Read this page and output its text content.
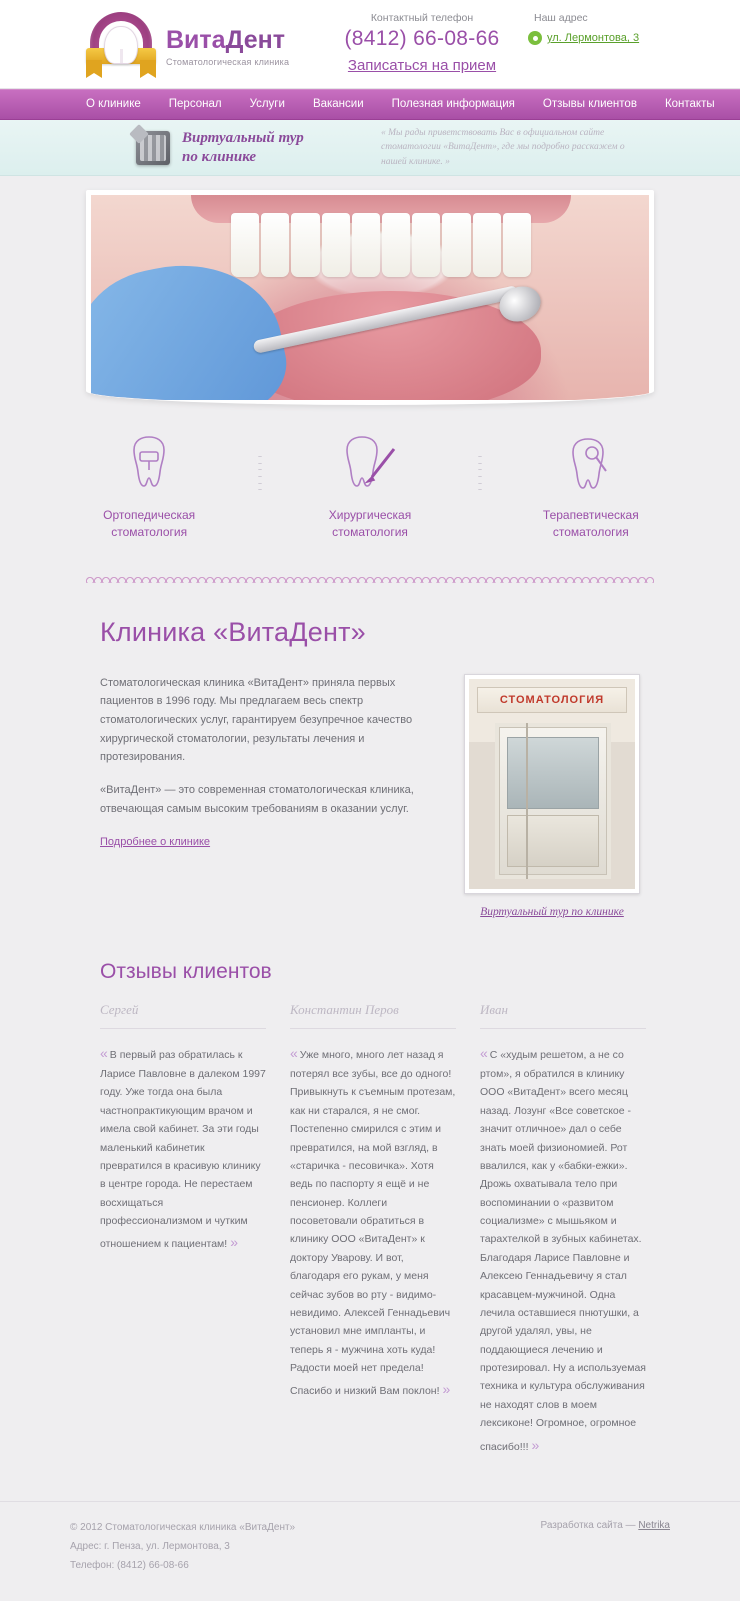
ВитаДент
Стоматологическая клиника
Контактный телефон
(8412) 66-08-66
Записаться на прием
Наш адрес
ул. Лермонтова, 3
О клинике	Персонал	Услуги	Вакансии	Полезная информация	Отзывы клиентов	Контакты
Виртуальный тур
по клинике
« Мы рады приветствовать Вас в официальном сайте стоматологии «ВитаДент», где мы подробно расскажем о нашей клинике. »
Ортопедическая
стоматология
Хирургическая
стоматология
Терапевтическая
стоматология
Клиника «ВитаДент»

Стоматологическая клиника «ВитаДент» приняла первых пациентов в 1996 году. Мы предлагаем весь спектр стоматологических услуг, гарантируем безупречное качество хирургической стоматологии, результаты лечения и протезирования.

«ВитаДент» — это современная стоматологическая клиника, отвечающая самым высоким требованиям в оказании услуг.

Подробнее о клинике
СТОМАТОЛОГИЯ
Виртуальный тур по клинике
Отзывы клиентов
Сергей
« В первый раз обратилась к Ларисе Павловне в далеком 1997 году. Уже тогда она была частнопрактикующим врачом и имела свой кабинет. За эти годы маленький кабинетик превратился в красивую клинику в центре города. Не перестаем восхищаться профессионализмом и чутким отношением к пациентам! »
Константин Перов
« Уже много, много лет назад я потерял все зубы, все до одного! Привыкнуть к съемным протезам, как ни старался, я не смог. Постепенно смирился с этим и превратился, на мой взгляд, в «старичка - песовичка». Хотя ведь по паспорту я ещё и не пенсионер. Коллеги посоветовали обратиться в клинику ООО «ВитаДент» к доктору Уварову. И вот, благодаря его рукам, у меня сейчас зубов во рту - видимо-невидимо. Алексей Геннадьевич установил мне импланты, и теперь я - мужчина хоть куда! Радости моей нет предела! Спасибо и низкий Вам поклон! »
Иван
« С «худым решетом, а не со ртом», я обратился в клинику ООО «ВитаДент» всего месяц назад. Лозунг «Все советское - значит отличное» дал о себе знать моей физиономией. Рот ввалился, как у «бабки-ежки». Дрожь охватывала тело при воспоминании о «развитом социализме» с мышьяком и тарахтелкой в зубных кабинетах. Благодаря Ларисе Павловне и Алексею Геннадьевичу я стал красавцем-мужчиной. Одна лечила оставшиеся пнютушки, а другой удалял, увы, не поддающиеся лечению и протезировал. Ну а используемая техника и культура обслуживания не находят слов в моем лексиконе! Огромное, огромное спасибо!!! »
© 2012 Стоматологическая клиника «ВитаДент»
Адрес: г. Пенза, ул. Лермонтова, 3
Телефон: (8412) 66-08-66
Разработка сайта — Netrika
